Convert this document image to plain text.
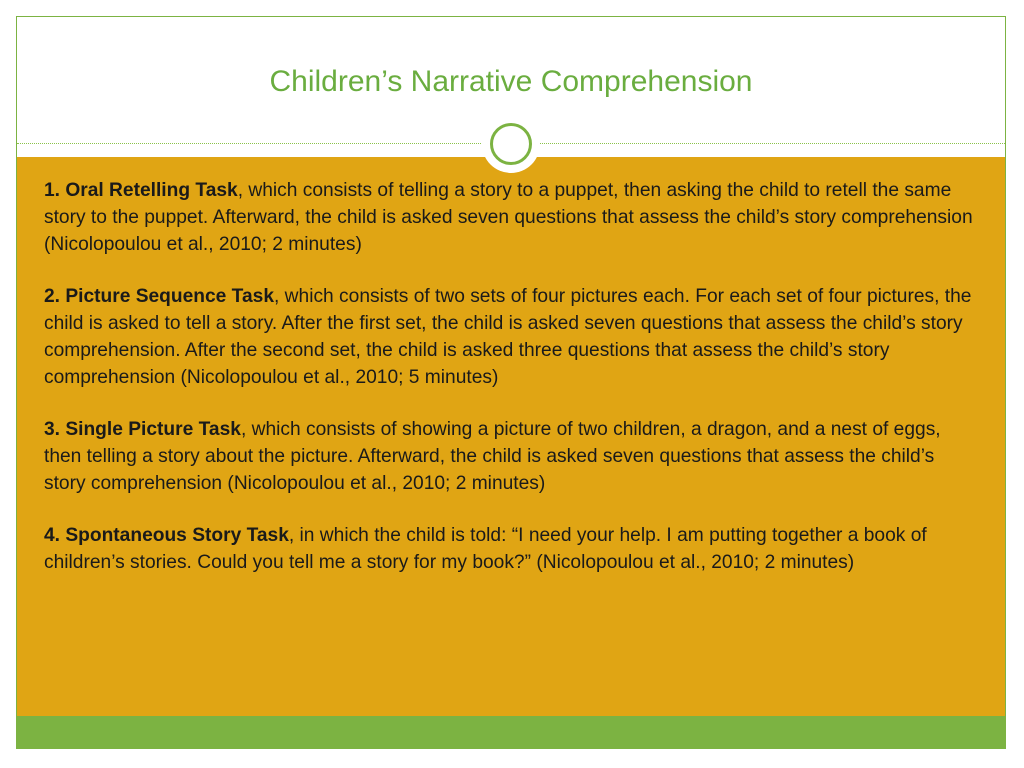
Children’s Narrative Comprehension

1. Oral Retelling Task, which consists of telling a story to a puppet, then asking the child to retell the same story to the puppet. Afterward, the child is asked seven questions that assess the child’s story comprehension (Nicolopoulou et al., 2010; 2 minutes)

2. Picture Sequence Task, which consists of two sets of four pictures each. For each set of four pictures, the child is asked to tell a story. After the first set, the child is asked seven questions that assess the child’s story comprehension. After the second set, the child is asked three questions that assess the child’s story comprehension (Nicolopoulou et al., 2010; 5 minutes)

3. Single Picture Task, which consists of showing a picture of two children, a dragon, and a nest of eggs, then telling a story about the picture. Afterward, the child is asked seven questions that assess the child’s story comprehension (Nicolopoulou et al., 2010; 2 minutes)

4. Spontaneous Story Task, in which the child is told: “I need your help. I am putting together a book of children’s stories. Could you tell me a story for my book?” (Nicolopoulou et al., 2010; 2 minutes)
